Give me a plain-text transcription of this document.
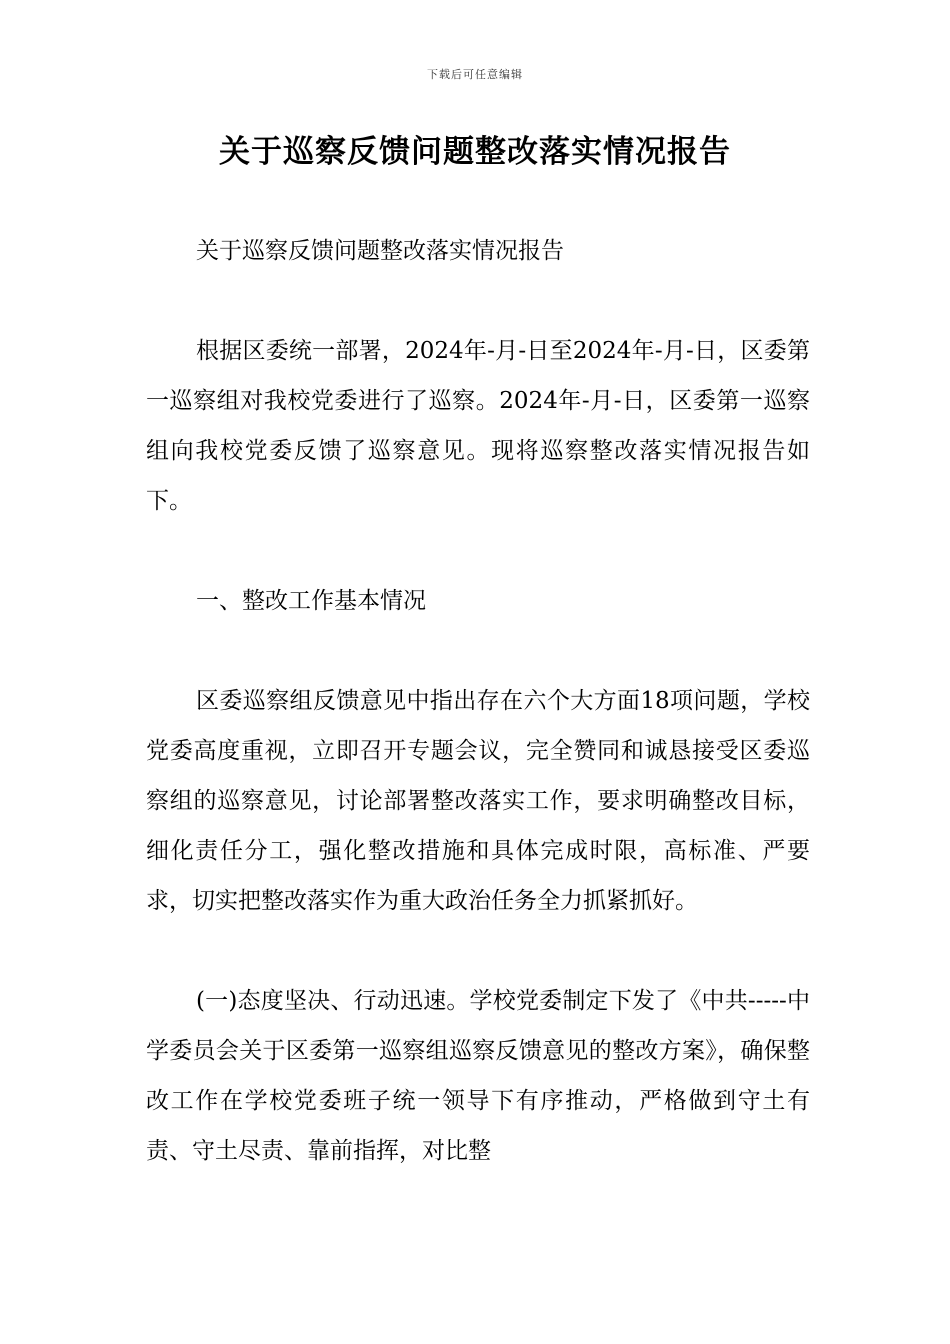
下载后可任意编辑
关于巡察反馈问题整改落实情况报告

关于巡察反馈问题整改落实情况报告

根据区委统一部署，2024年-月-日至2024年-月-日，区委第一巡察组对我校党委进行了巡察。2024年-月-日，区委第一巡察组向我校党委反馈了巡察意见。现将巡察整改落实情况报告如下。

一、整改工作基本情况

区委巡察组反馈意见中指出存在六个大方面18项问题，学校党委高度重视，立即召开专题会议，完全赞同和诚恳接受区委巡察组的巡察意见，讨论部署整改落实工作，要求明确整改目标，细化责任分工，强化整改措施和具体完成时限，高标准、严要求，切实把整改落实作为重大政治任务全力抓紧抓好。

(一)态度坚决、行动迅速。学校党委制定下发了《中共-----中学委员会关于区委第一巡察组巡察反馈意见的整改方案》，确保整改工作在学校党委班子统一领导下有序推动，严格做到守土有责、守土尽责、靠前指挥，对比整
